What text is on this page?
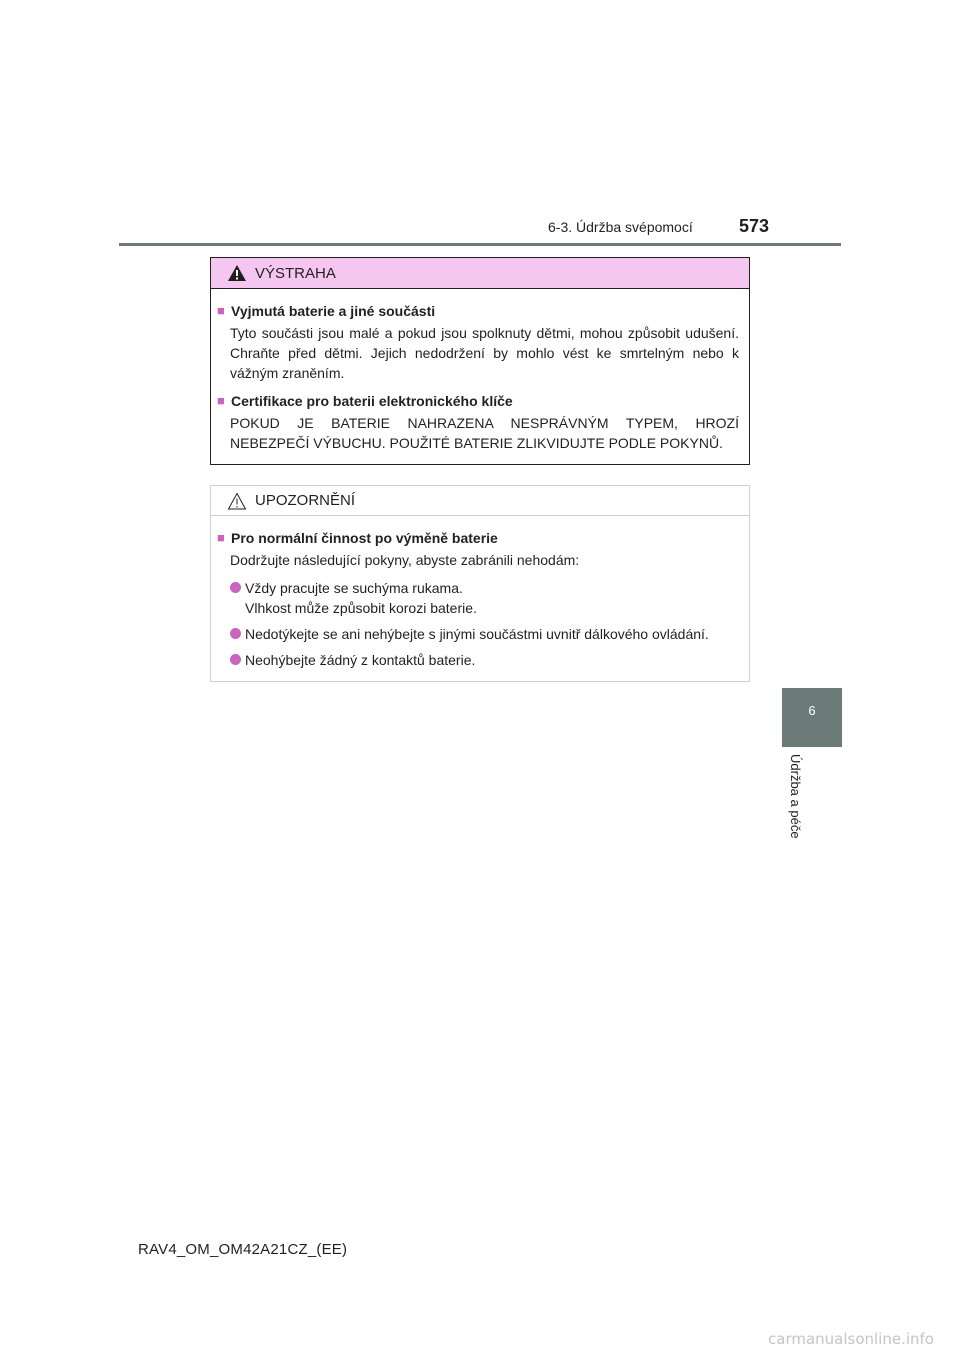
6-3. Údržba svépomocí	573
6
Údržba a péče
VÝSTRAHA
■ Vyjmutá baterie a jiné součásti
Tyto součásti jsou malé a pokud jsou spolknuty dětmi, mohou způsobit udušení. Chraňte před dětmi. Jejich nedodržení by mohlo vést ke smrtelným nebo k vážným zraněním.
■ Certifikace pro baterii elektronického klíče
POKUD JE BATERIE NAHRAZENA NESPRÁVNÝM TYPEM, HROZÍ NEBEZPEČÍ VÝBUCHU. POUŽITÉ BATERIE ZLIKVIDUJTE PODLE POKYNŮ.
UPOZORNĚNÍ
■ Pro normální činnost po výměně baterie
Dodržujte následující pokyny, abyste zabránili nehodám:
Vždy pracujte se suchýma rukama.
Vlhkost může způsobit korozi baterie.
Nedotýkejte se ani nehýbejte s jinými součástmi uvnitř dálkového ovládání.
Neohýbejte žádný z kontaktů baterie.
RAV4_OM_OM42A21CZ_(EE)
carmanualsonline.info
